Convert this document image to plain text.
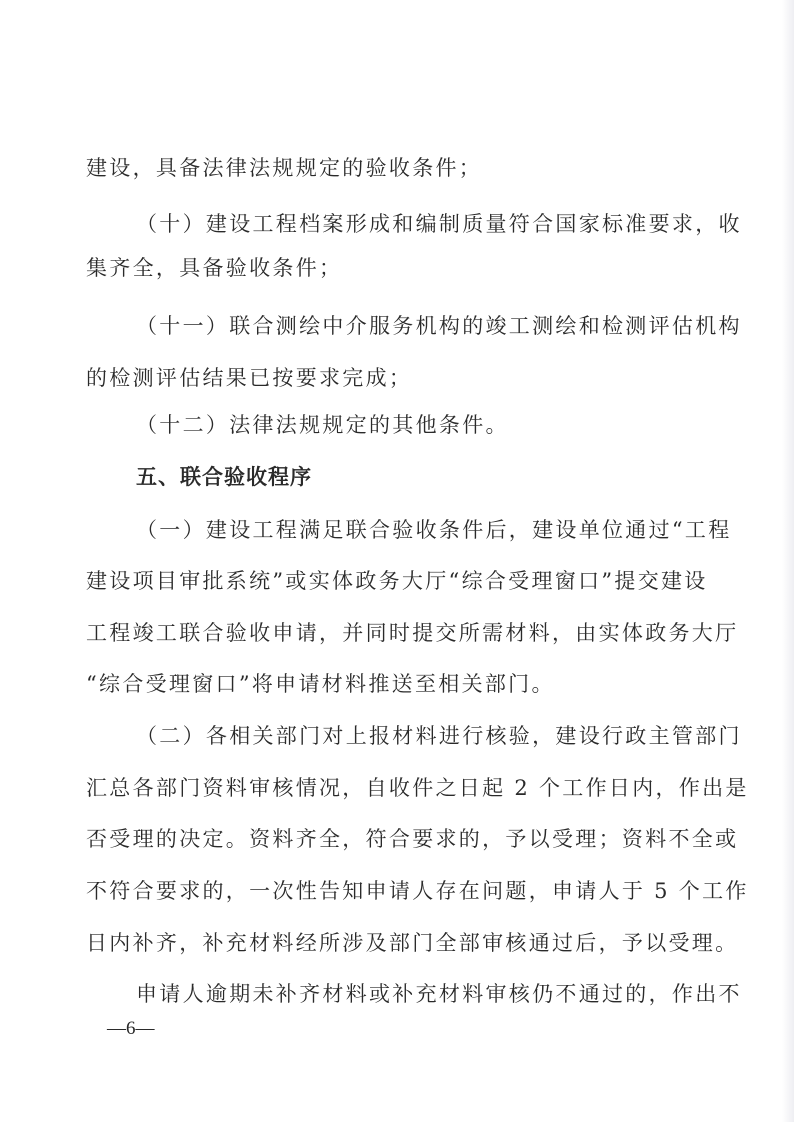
建设，具备法律法规规定的验收条件；
（十）建设工程档案形成和编制质量符合国家标准要求，收
集齐全，具备验收条件；
（十一）联合测绘中介服务机构的竣工测绘和检测评估机构
的检测评估结果已按要求完成；
（十二）法律法规规定的其他条件。
五、联合验收程序
（一）建设工程满足联合验收条件后，建设单位通过“工程
建设项目审批系统”或实体政务大厅“综合受理窗口”提交建设
工程竣工联合验收申请，并同时提交所需材料，由实体政务大厅
“综合受理窗口”将申请材料推送至相关部门。
（二）各相关部门对上报材料进行核验，建设行政主管部门
汇总各部门资料审核情况，自收件之日起 2 个工作日内，作出是
否受理的决定。资料齐全，符合要求的，予以受理；资料不全或
不符合要求的，一次性告知申请人存在问题，申请人于 5 个工作
日内补齐，补充材料经所涉及部门全部审核通过后，予以受理。
申请人逾期未补齐材料或补充材料审核仍不通过的，作出不
—6—
